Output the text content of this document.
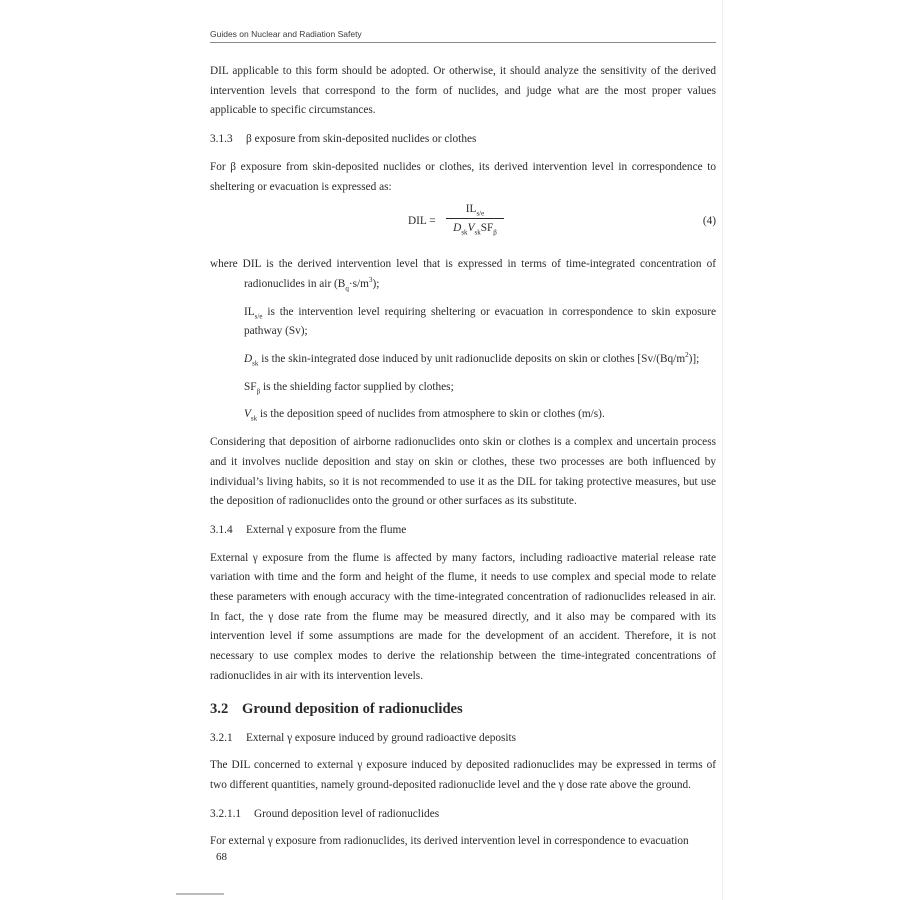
Guides on Nuclear and Radiation Safety

DIL applicable to this form should be adopted. Or otherwise, it should analyze the sensitivity of the derived intervention levels that correspond to the form of nuclides, and judge what are the most proper values applicable to specific circumstances.

3.1.3 β exposure from skin-deposited nuclides or clothes

For β exposure from skin-deposited nuclides or clothes, its derived intervention level in correspondence to sheltering or evacuation is expressed as:

DIL =
$IL_{s/e}$
$D_{sk}V_{sk}SF_\beta$
(4)

where DIL is the derived intervention level that is expressed in terms of time-integrated concentration of radionuclides in air $(B_q\cdot s/m^3)$;

$IL_{s/e}$ is the intervention level requiring sheltering or evacuation in correspondence to skin exposure pathway (Sv);

$D_{sk}$ is the skin-integrated dose induced by unit radionuclide deposits on skin or clothes $[Sv/(Bq/m^2)]$;

$SF_\beta$ is the shielding factor supplied by clothes;

$V_{sk}$ is the deposition speed of nuclides from atmosphere to skin or clothes (m/s).

Considering that deposition of airborne radionuclides onto skin or clothes is a complex and uncertain process and it involves nuclide deposition and stay on skin or clothes, these two processes are both influenced by individual’s living habits, so it is not recommended to use it as the DIL for taking protective measures, but use the deposition of radionuclides onto the ground or other surfaces as its substitute.

3.1.4 External γ exposure from the flume

External γ exposure from the flume is affected by many factors, including radioactive material release rate variation with time and the form and height of the flume, it needs to use complex and special mode to relate these parameters with enough accuracy with the time-integrated concentration of radionuclides released in air. In fact, the γ dose rate from the flume may be measured directly, and it also may be compared with its intervention level if some assumptions are made for the development of an accident. Therefore, it is not necessary to use complex modes to derive the relationship between the time-integrated concentrations of radionuclides in air with its intervention levels.

3.2 Ground deposition of radionuclides

3.2.1 External γ exposure induced by ground radioactive deposits

The DIL concerned to external γ exposure induced by deposited radionuclides may be expressed in terms of two different quantities, namely ground-deposited radionuclide level and the γ dose rate above the ground.

3.2.1.1 Ground deposition level of radionuclides

For external γ exposure from radionuclides, its derived intervention level in correspondence to evacuation

68
